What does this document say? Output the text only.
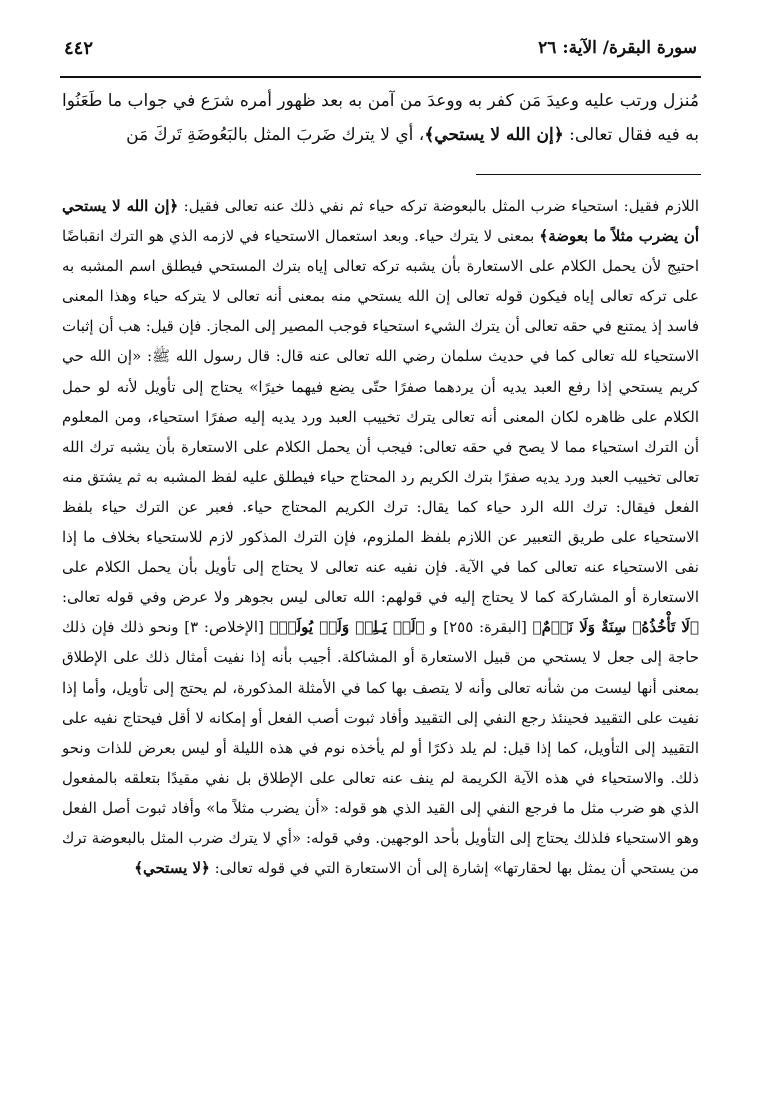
سورة البقرة/ الآية: ٢٦
٤٤٢

مُنزل ورتب عليه وعيدَ مَن كفر به ووعدَ من آمن به بعد ظهور أمره شرَع في جواب ما طَعَنُوا به فيه فقال تعالى: ﴿إن الله لا يستحي﴾، أي لا يترك ضَربَ المثل بالبَعُوضَةِ تَركَ مَن

اللازم فقيل: استحياء ضرب المثل بالبعوضة تركه حياء ثم نفي ذلك عنه تعالى فقيل: ﴿إن الله لا يستحي أن يضرب مثلاً ما بعوضة﴾ بمعنى لا يترك حياء. وبعد استعمال الاستحياء في لازمه الذي هو الترك انقباضًا احتيج لأن يحمل الكلام على الاستعارة بأن يشبه تركه تعالى إياه بترك المستحي فيطلق اسم المشبه به على تركه تعالى إياه فيكون قوله تعالى إن الله يستحي منه بمعنى أنه تعالى لا يتركه حياء وهذا المعنى فاسد إذ يمتنع في حقه تعالى أن يترك الشيء استحياء فوجب المصير إلى المجاز. فإن قيل: هب أن إثبات الاستحياء لله تعالى كما في حديث سلمان رضي الله تعالى عنه قال: قال رسول الله ﷺ: «إن الله حي كريم يستحي إذا رفع العبد يديه أن يردهما صفرًا حتّى يضع فيهما خيرًا» يحتاج إلى تأويل لأنه لو حمل الكلام على ظاهره لكان المعنى أنه تعالى يترك تخييب العبد ورد يديه إليه صفرًا استحياء، ومن المعلوم أن الترك استحياء مما لا يصح في حقه تعالى: فيجب أن يحمل الكلام على الاستعارة بأن يشبه ترك الله تعالى تخييب العبد ورد يديه صفرًا بترك الكريم رد المحتاج حياء فيطلق عليه لفظ المشبه به ثم يشتق منه الفعل فيقال: ترك الله الرد حياء كما يقال: ترك الكريم المحتاج حياء. فعبر عن الترك حياء بلفظ الاستحياء على طريق التعبير عن اللازم بلفظ الملزوم، فإن الترك المذكور لازم للاستحياء بخلاف ما إذا نفى الاستحياء عنه تعالى كما في الآية. فإن نفيه عنه تعالى لا يحتاج إلى تأويل بأن يحمل الكلام على الاستعارة أو المشاركة كما لا يحتاج إليه في قولهم: الله تعالى ليس بجوهر ولا عرض وفي قوله تعالى: ﴿لَا تَأْخُذُهُۥ سِنَةٌ وَلَا نَوۡمٌ﴾ [البقرة: ٢٥٥] و ﴿لَمۡ يَـلِدۡ وَلَمۡ يُولَدۡ﴾ [الإخلاص: ٣] ونحو ذلك فإن ذلك حاجة إلى جعل لا يستحي من قبيل الاستعارة أو المشاكلة. أجيب بأنه إذا نفيت أمثال ذلك على الإطلاق بمعنى أنها ليست من شأنه تعالى وأنه لا يتصف بها كما في الأمثلة المذكورة، لم يحتج إلى تأويل، وأما إذا نفيت على التقييد فحينئذ رجع النفي إلى التقييد وأفاد ثبوت أصب الفعل أو إمكانه لا أقل فيحتاج نفيه على التقييد إلى التأويل، كما إذا قيل: لم يلد ذكرًا أو لم يأخذه نوم في هذه الليلة أو ليس بعرض للذات ونحو ذلك. والاستحياء في هذه الآية الكريمة لم ينف عنه تعالى على الإطلاق بل نفي مقيدًا بتعلقه بالمفعول الذي هو ضرب مثل ما فرجع النفي إلى القيد الذي هو قوله: «أن يضرب مثلاً ما» وأفاد ثبوت أصل الفعل وهو الاستحياء فلذلك يحتاج إلى التأويل بأحد الوجهين. وفي قوله: «أي لا يترك ضرب المثل بالبعوضة ترك من يستحي أن يمثل بها لحقارتها» إشارة إلى أن الاستعارة التي في قوله تعالى: ﴿لا يستحي﴾
